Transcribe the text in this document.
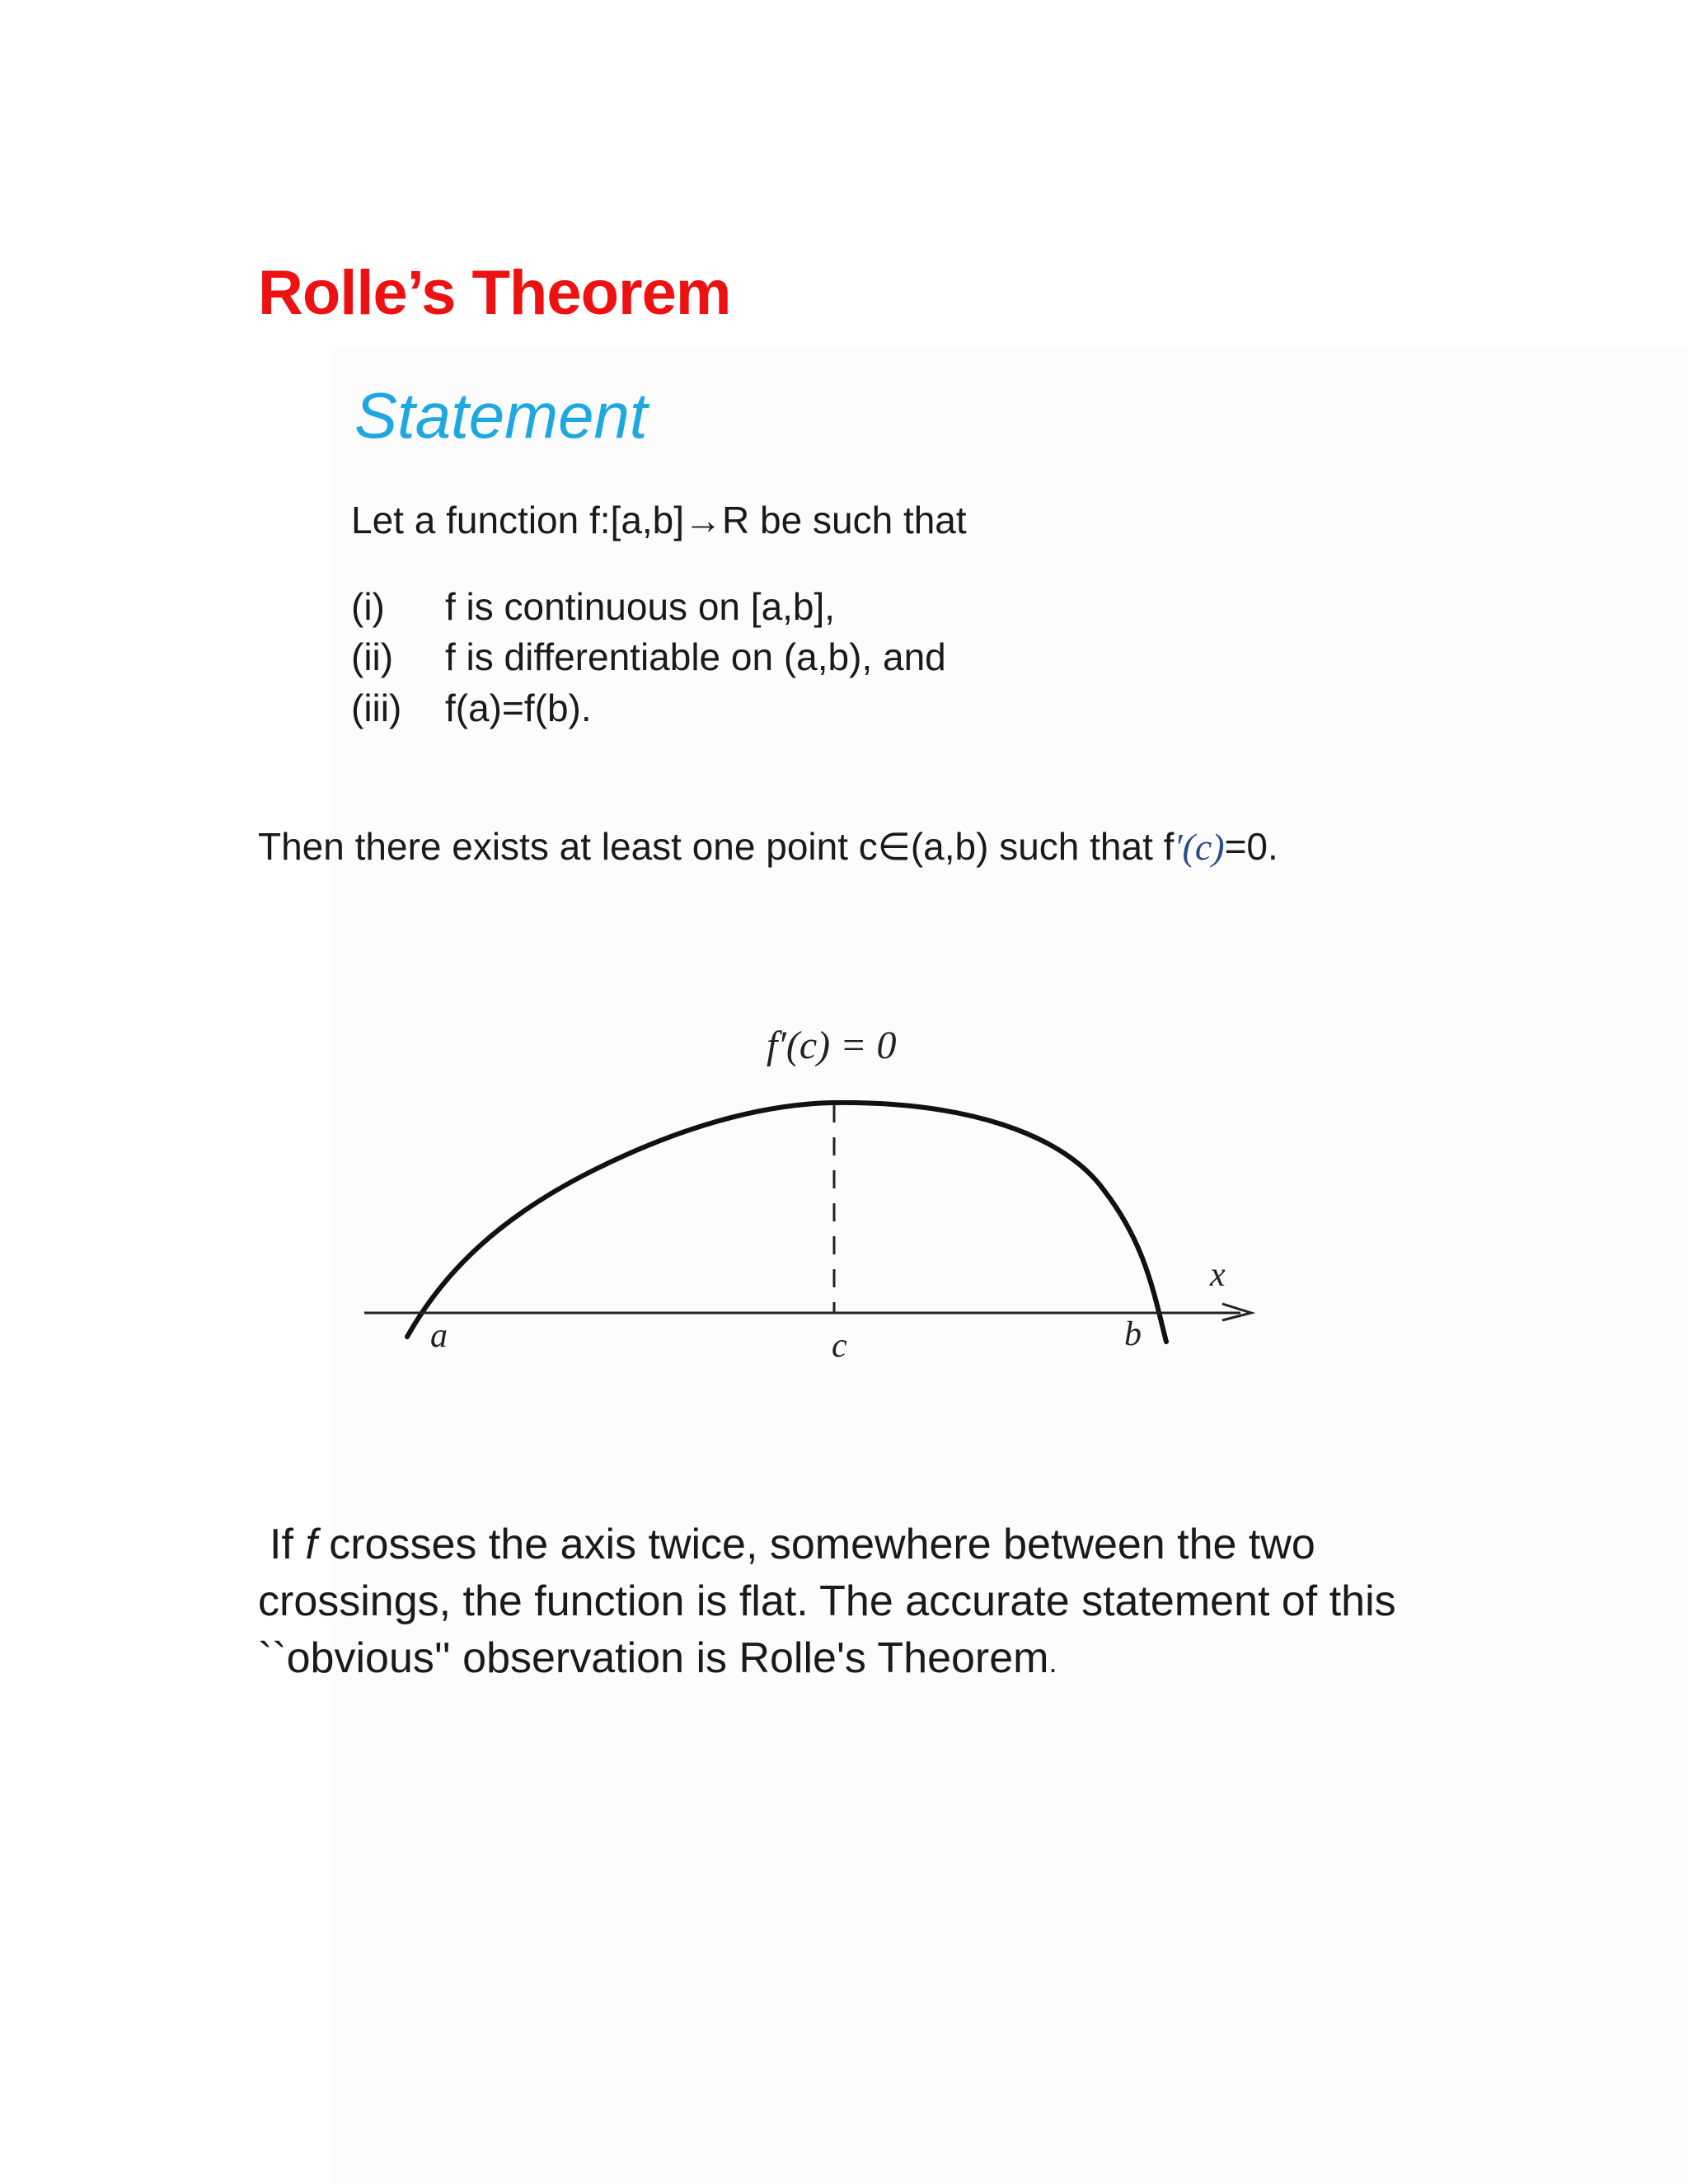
Rolle’s Theorem
Statement
Let a function f:[a,b]→R be such that
(i) f is continuous on [a,b],
(ii) f is differentiable on (a,b), and
(iii) f(a)=f(b).
Then there exists at least one point c∈(a,b) such that f′(c)=0.
f′(c) = 0
a	c	b
x
If f crosses the axis twice, somewhere between the two
crossings, the function is flat. The accurate statement of this
``obvious'' observation is Rolle's Theorem.
